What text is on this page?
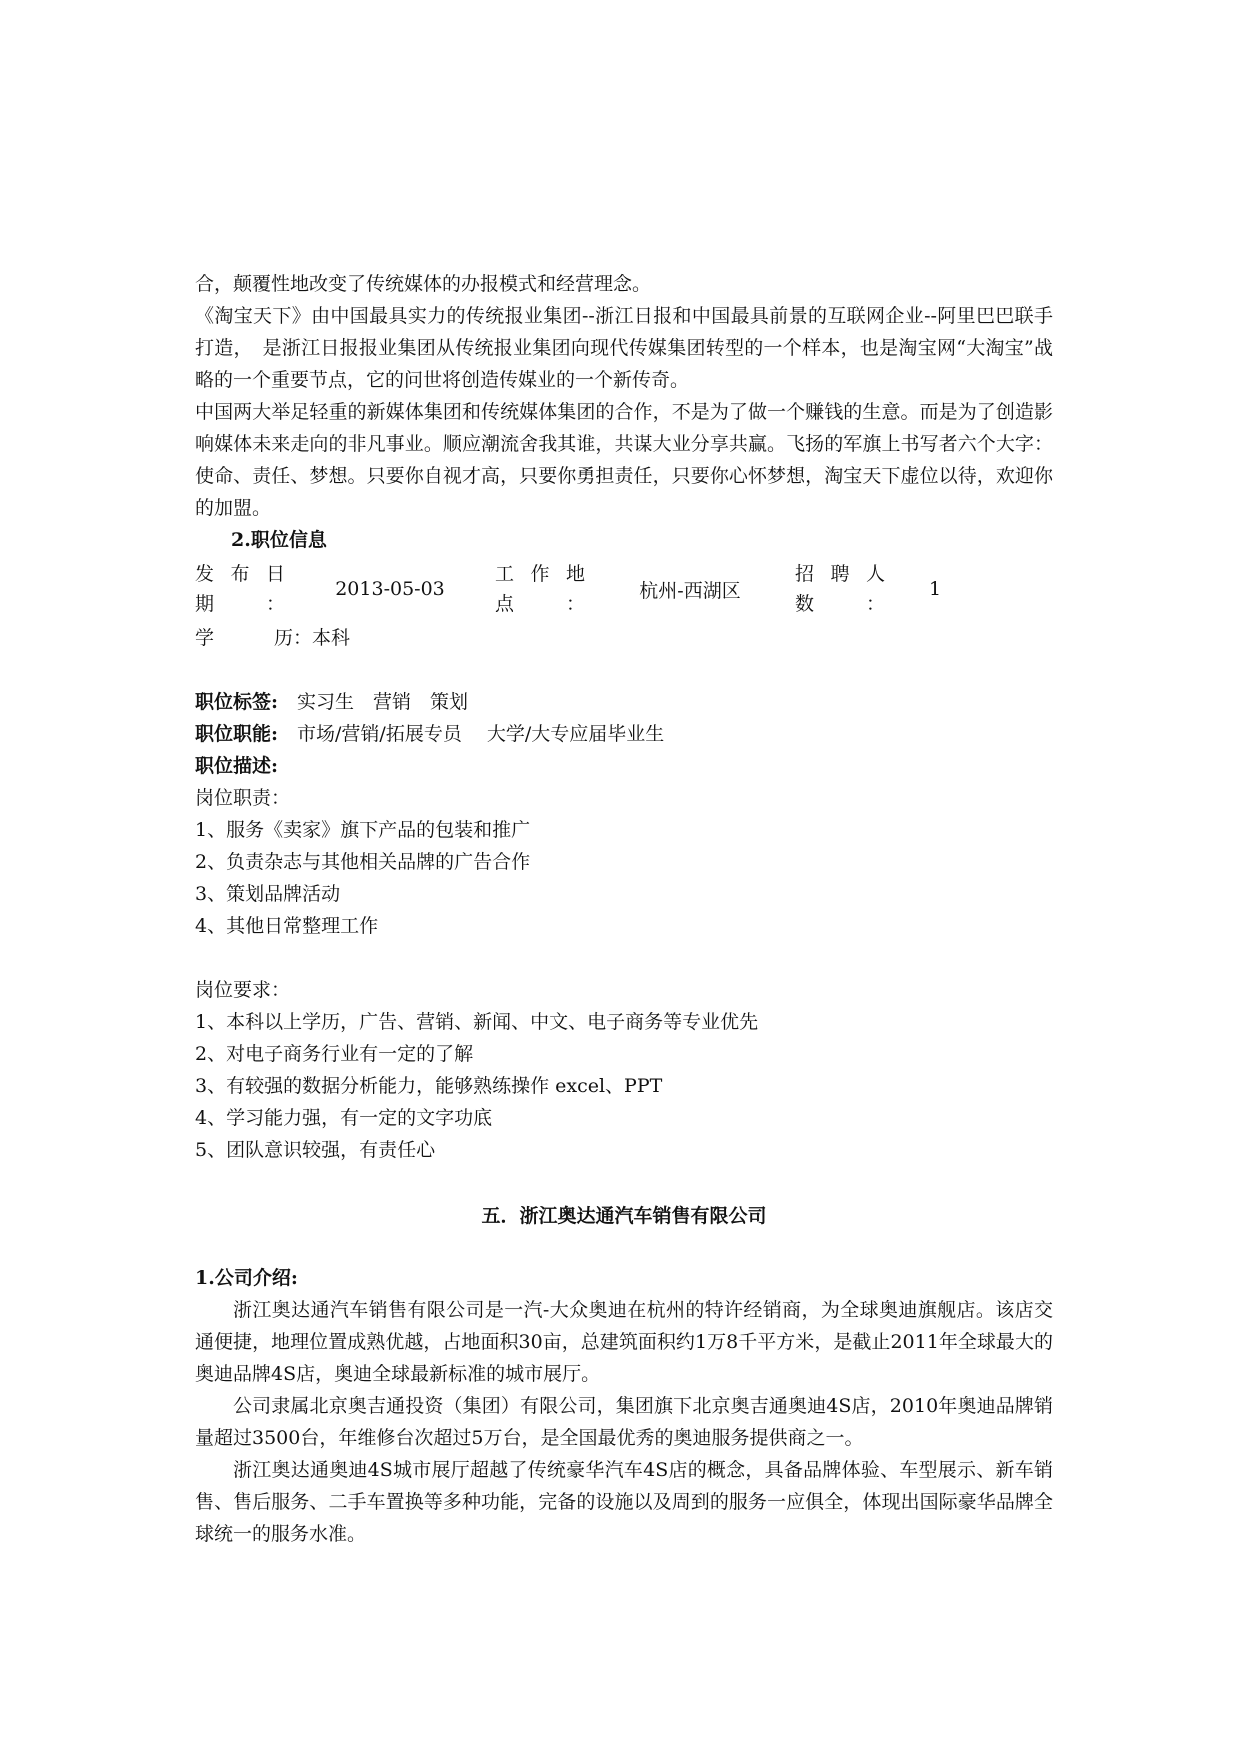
合，颠覆性地改变了传统媒体的办报模式和经营理念。

《淘宝天下》由中国最具实力的传统报业集团--浙江日报和中国最具前景的互联网企业--阿里巴巴联手打造，　是浙江日报报业集团从传统报业集团向现代传媒集团转型的一个样本，也是淘宝网“大淘宝”战略的一个重要节点，它的问世将创造传媒业的一个新传奇。

中国两大举足轻重的新媒体集团和传统媒体集团的合作，不是为了做一个赚钱的生意。而是为了创造影响媒体未来走向的非凡事业。顺应潮流舍我其谁，共谋大业分享共赢。飞扬的军旗上书写者六个大字：使命、责任、梦想。只要你自视才高，只要你勇担责任，只要你心怀梦想，淘宝天下虚位以待，欢迎你的加盟。

2.职位信息

发布日期：
2013-05-03
工作地点：
杭州-西湖区
招聘人数：
1
学　　历：本科

职位标签:　实习生　营销　策划

职位职能:　市场/营销/拓展专员　 大学/大专应届毕业生

职位描述:

岗位职责：

1、服务《卖家》旗下产品的包装和推广
2、负责杂志与其他相关品牌的广告合作
3、策划品牌活动
4、其他日常整理工作

岗位要求：

1、本科以上学历，广告、营销、新闻、中文、电子商务等专业优先
2、对电子商务行业有一定的了解
3、有较强的数据分析能力，能够熟练操作 excel、PPT
4、学习能力强，有一定的文字功底
5、团队意识较强，有责任心

五．浙江奥达通汽车销售有限公司

1.公司介绍:

浙江奥达通汽车销售有限公司是一汽-大众奥迪在杭州的特许经销商，为全球奥迪旗舰店。该店交通便捷，地理位置成熟优越，占地面积30亩，总建筑面积约1万8千平方米，是截止2011年全球最大的奥迪品牌4S店，奥迪全球最新标准的城市展厅。

公司隶属北京奥吉通投资（集团）有限公司，集团旗下北京奥吉通奥迪4S店，2010年奥迪品牌销量超过3500台，年维修台次超过5万台，是全国最优秀的奥迪服务提供商之一。

浙江奥达通奥迪4S城市展厅超越了传统豪华汽车4S店的概念，具备品牌体验、车型展示、新车销售、售后服务、二手车置换等多种功能，完备的设施以及周到的服务一应俱全，体现出国际豪华品牌全球统一的服务水准。
